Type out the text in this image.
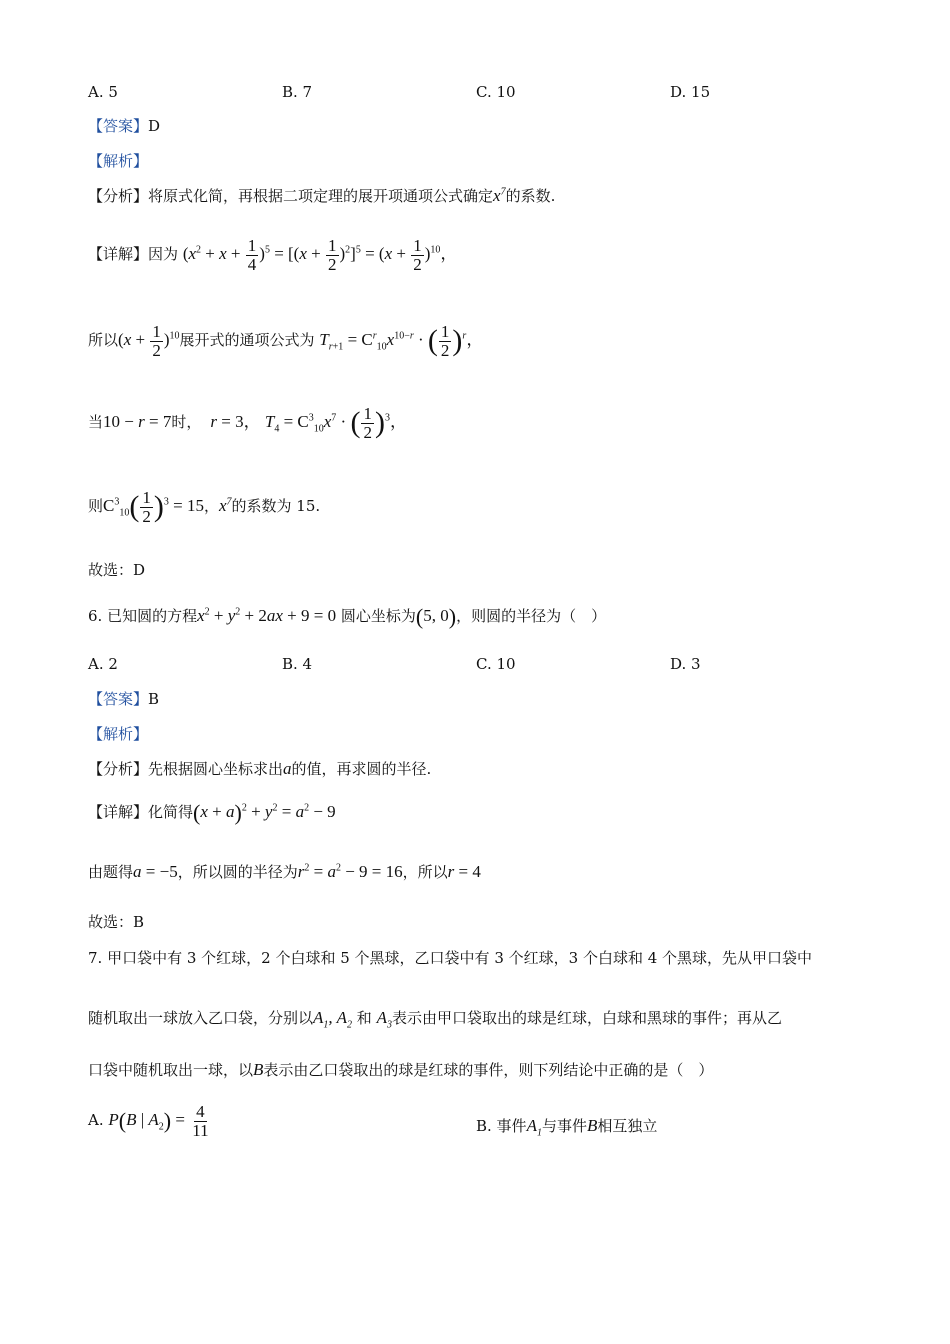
A. 5	B. 7	C. 10	D. 15
【答案】D
【解析】
【分析】将原式化简，再根据二项定理的展开项通项公式确定$x^7$的系数.
【详解】因为 $(x^2 + x + \frac{1}{4} )^5 = [(x + \frac{1}{2} )^2]^5 = (x + \frac{1}{2} )^{10}$，
所以$(x + \frac{1}{2} )^{10}$展开式的通项公式为 $T_{r+1} = C^r_{10}x^{10-r}$ · ( $\frac{1}{2} )^r$，
当10 − r = 7时， r = 3， $T_4 = C^3_{10}x^7$ · ( $\frac{1}{2} )^3$，
则$C^3_{10}( \frac{1}{2} )^3 = 15$，$x^7$的系数为 15.
故选：D
6. 已知圆的方程$x^2 + y^2 + 2ax + 9 = 0$ 圆心坐标为(5, 0)，则圆的半径为（　）
A. 2	B. 4	C. 10	D. 3
【答案】B
【解析】
【分析】先根据圆心坐标求出a的值，再求圆的半径.
【详解】化简得$(x + a)^2 + y^2 = a^2 - 9$
由题得a = −5，所以圆的半径为$r^2 = a^2 - 9 = 16$，所以r = 4
故选：B
7. 甲口袋中有 3 个红球，2 个白球和 5 个黑球，乙口袋中有 3 个红球，3 个白球和 4 个黑球，先从甲口袋中
随机取出一球放入乙口袋，分别以$A_1$, $A_2$ 和 $A_3$表示由甲口袋取出的球是红球，白球和黑球的事件；再从乙
口袋中随机取出一球，以B表示由乙口袋取出的球是红球的事件，则下列结论中正确的是（　）
A. P(B | $A_2) = \frac{4}{11}$	B. 事件$A_1$与事件B相互独立
